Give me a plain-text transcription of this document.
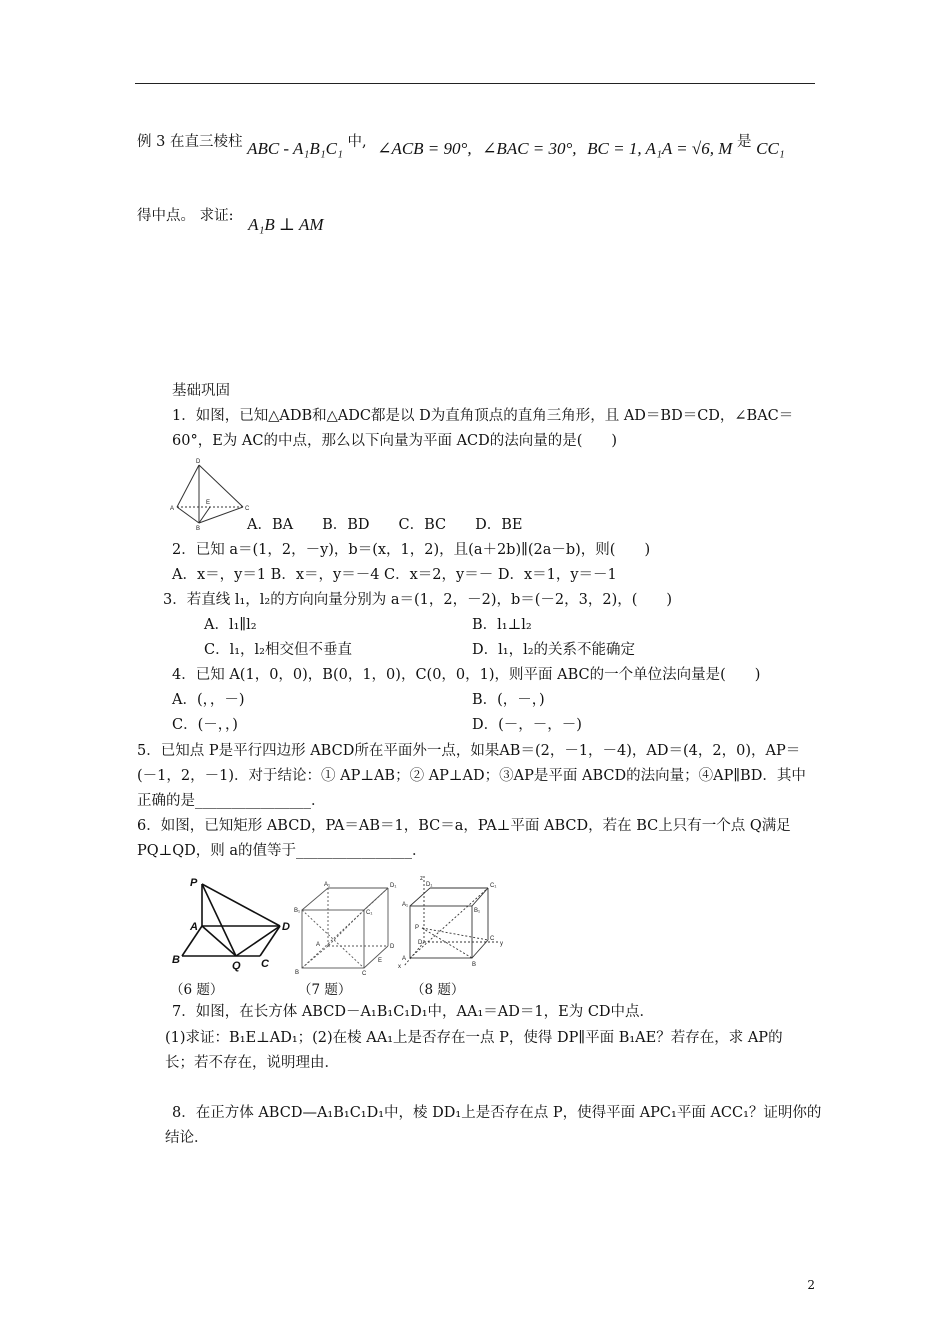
例 3 在直三棱柱 ABC - A₁B₁C₁ 中, ∠ACB = 90°, ∠BAC = 30°, BC = 1, A₁A = √6, M 是 CC₁
得中点。 求证: A₁B ⊥ AM
基础巩固
1．如图，已知△ADB和△ADC都是以 D为直角顶点的直角三角形，且 AD＝BD＝CD，∠BAC＝
60°，E为 AC的中点，那么以下向量为平面 ACD的法向量的是(　　)
D
A	C
E
B	A．BA　　B．BD　　C．BC　　D．BE
2．已知 a＝(1，2，－y)，b＝(x，1，2)，且(a＋2b)∥(2a－b)，则(　　)
A．x＝，y＝1 B．x＝，y＝－4 C．x＝2，y＝－ D．x＝1，y＝－1
3．若直线 l₁，l₂的方向向量分别为 a＝(1，2，－2)，b＝(－2，3，2)，(　　)
A．l₁∥l₂	B．l₁⊥l₂
C．l₁，l₂相交但不垂直	D．l₁，l₂的关系不能确定
4．已知 A(1，0，0)，B(0，1，0)，C(0，0，1)，则平面 ABC的一个单位法向量是(　　)
A．(，，－)	B．(，－，)
C．(－，，)	D．(－，－，－)
5．已知点 P是平行四边形 ABCD所在平面外一点，如果AB＝(2，－1，－4)，AD＝(4，2，0)，AP＝
(－1，2，－1)．对于结论：① AP⊥AB；② AP⊥AD；③AP是平面 ABCD的法向量；④AP∥BD．其中
正确的是________________．
6．如图，已知矩形 ABCD，PA＝AB＝1，BC＝a，PA⊥平面 ABCD，若在 BC上只有一个点 Q满足
PQ⊥QD，则 a的值等于________________．
P
A
B	Q C
D
（6 题）
A₁	D₁
B₁	C₁
A	D
B	C
E
（7 题）
z
y
x
D₁	C₁
A₁
B₁
P
D
C
A
B
（8 题）
7．如图，在长方体 ABCD－A₁B₁C₁D₁中，AA₁＝AD＝1，E为 CD中点．
(1)求证：B₁E⊥AD₁；(2)在棱 AA₁上是否存在一点 P，使得 DP∥平面 B₁AE？若存在，求 AP的
长；若不存在，说明理由．
8．在正方体 ABCD—A₁B₁C₁D₁中，棱 DD₁上是否存在点 P，使得平面 APC₁平面 ACC₁？证明你的
结论．
2
